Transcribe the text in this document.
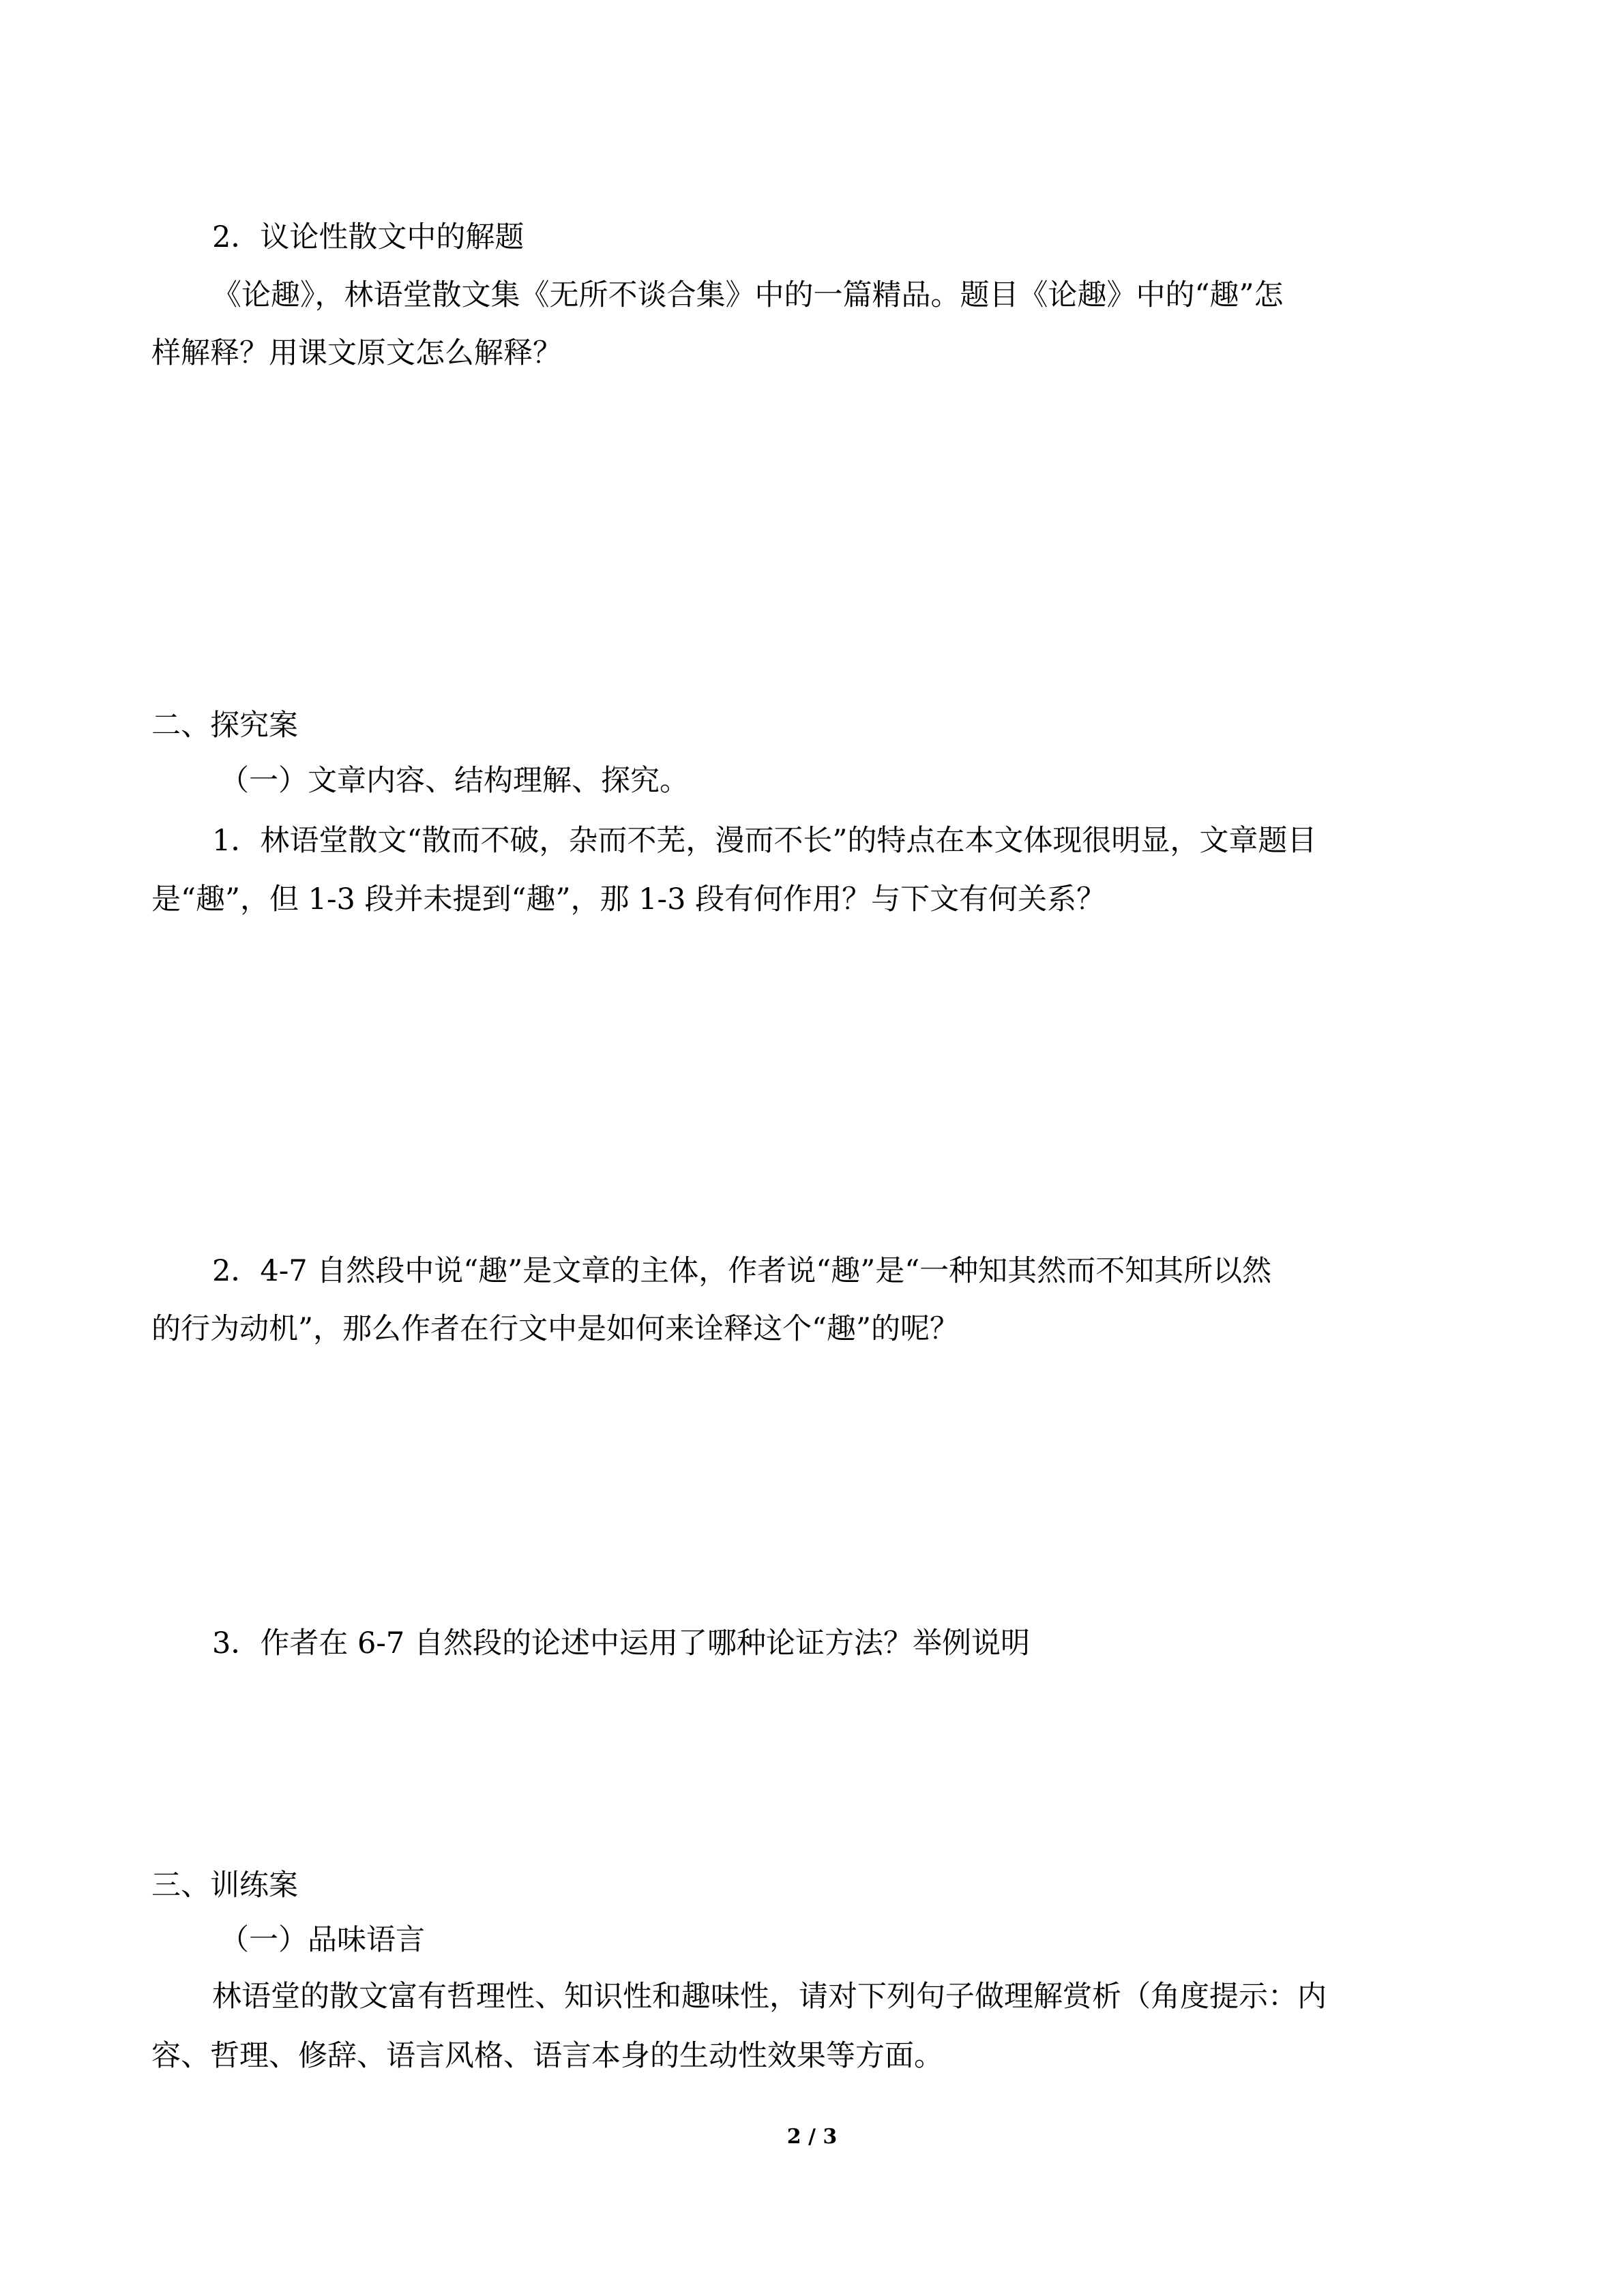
2．议论性散文中的解题
《论趣》，林语堂散文集《无所不谈合集》中的一篇精品。题目《论趣》中的“趣”怎
样解释？用课文原文怎么解释？
二、探究案
（一）文章内容、结构理解、探究。
1．林语堂散文“散而不破，杂而不芜，漫而不长”的特点在本文体现很明显，文章题目
是“趣”，但 1-3 段并未提到“趣”，那 1-3 段有何作用？与下文有何关系？
2．4-7 自然段中说“趣”是文章的主体，作者说“趣”是“一种知其然而不知其所以然
的行为动机”，那么作者在行文中是如何来诠释这个“趣”的呢？
3．作者在 6-7 自然段的论述中运用了哪种论证方法？举例说明
三、训练案
（一）品味语言
林语堂的散文富有哲理性、知识性和趣味性，请对下列句子做理解赏析（角度提示：内
容、哲理、修辞、语言风格、语言本身的生动性效果等方面。
2 / 3
